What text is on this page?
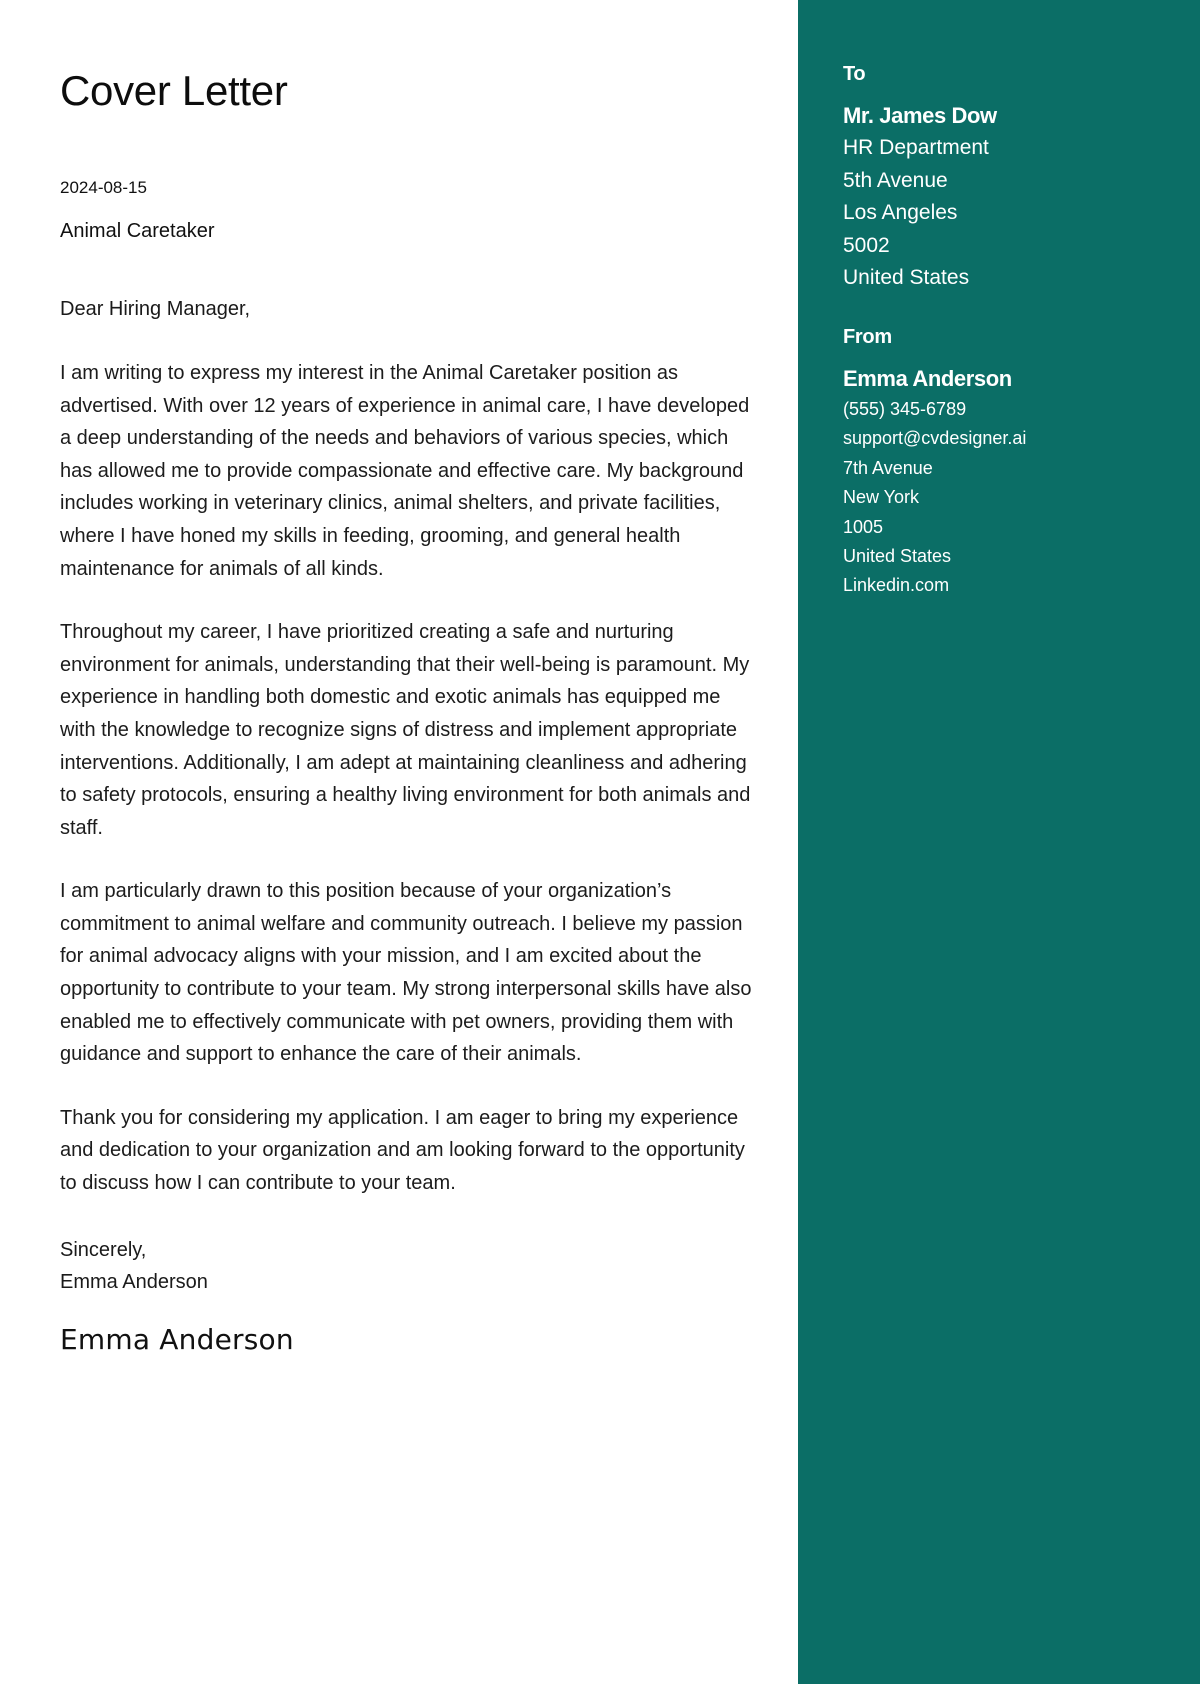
Cover Letter
2024-08-15
Animal Caretaker
Dear Hiring Manager,
I am writing to express my interest in the Animal Caretaker position as advertised. With over 12 years of experience in animal care, I have developed a deep understanding of the needs and behaviors of various species, which has allowed me to provide compassionate and effective care. My background includes working in veterinary clinics, animal shelters, and private facilities, where I have honed my skills in feeding, grooming, and general health maintenance for animals of all kinds.
Throughout my career, I have prioritized creating a safe and nurturing environment for animals, understanding that their well-being is paramount. My experience in handling both domestic and exotic animals has equipped me with the knowledge to recognize signs of distress and implement appropriate interventions. Additionally, I am adept at maintaining cleanliness and adhering to safety protocols, ensuring a healthy living environment for both animals and staff.
I am particularly drawn to this position because of your organization’s commitment to animal welfare and community outreach. I believe my passion for animal advocacy aligns with your mission, and I am excited about the opportunity to contribute to your team. My strong interpersonal skills have also enabled me to effectively communicate with pet owners, providing them with guidance and support to enhance the care of their animals.
Thank you for considering my application. I am eager to bring my experience and dedication to your organization and am looking forward to the opportunity to discuss how I can contribute to your team.
Sincerely,
Emma Anderson
Emma Anderson
To
Mr. James Dow
HR Department
5th Avenue
Los Angeles
5002
United States
From
Emma Anderson
(555) 345-6789
support@cvdesigner.ai
7th Avenue
New York
1005
United States
Linkedin.com
